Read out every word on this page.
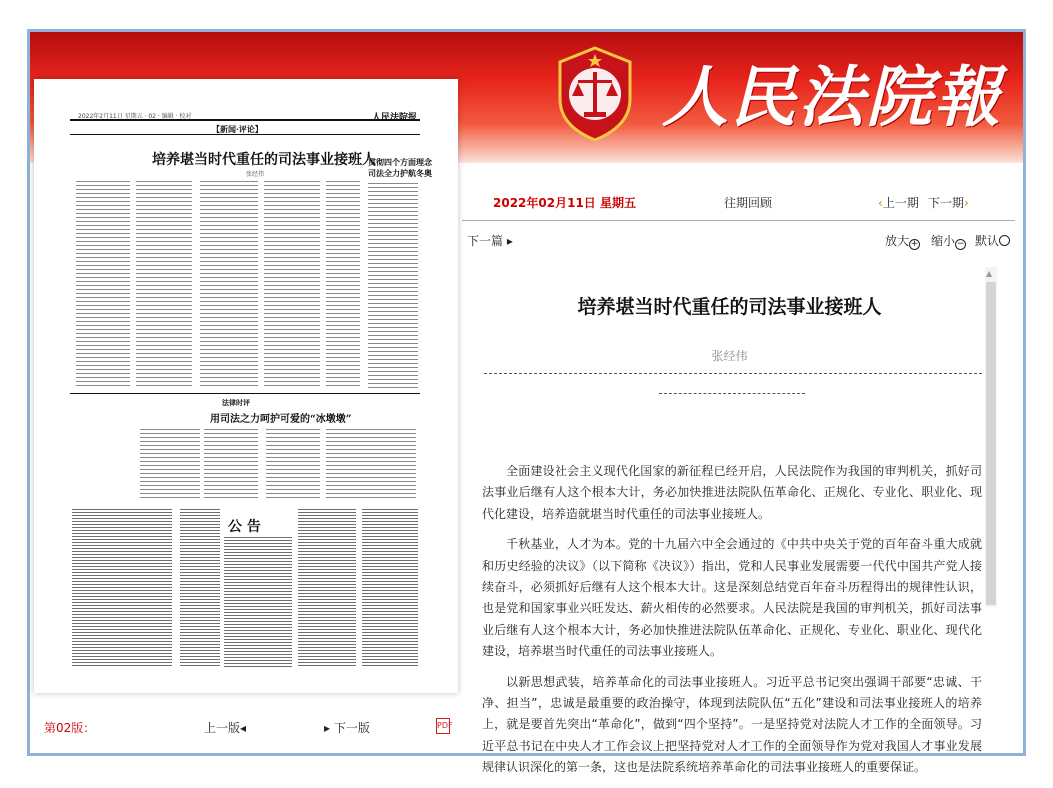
人民法院報
2022年2月11日 星期五 · 02 · 编辑 · 校对
【新闻·评论】
人民法院报
培养堪当时代重任的司法事业接班人
张经伟
贯彻四个方面理念
司法全力护航冬奥
法律时评
用司法之力呵护可爱的“冰墩墩”
公 告
第02版：	上一版◂	▸ 下一版	PDF
2022年02月11日 星期五	往期回顾	‹上一期 下一期›
下一篇 ▸	放大 + 缩小 − 默认
培养堪当时代重任的司法事业接班人
张经伟

全面建设社会主义现代化国家的新征程已经开启，人民法院作为我国的审判机关，抓好司法事业后继有人这个根本大计，务必加快推进法院队伍革命化、正规化、专业化、职业化、现代化建设，培养造就堪当时代重任的司法事业接班人。

千秋基业，人才为本。党的十九届六中全会通过的《中共中央关于党的百年奋斗重大成就和历史经验的决议》（以下简称《决议》）指出，党和人民事业发展需要一代代中国共产党人接续奋斗，必须抓好后继有人这个根本大计。这是深刻总结党百年奋斗历程得出的规律性认识，也是党和国家事业兴旺发达、薪火相传的必然要求。人民法院是我国的审判机关，抓好司法事业后继有人这个根本大计，务必加快推进法院队伍革命化、正规化、专业化、职业化、现代化建设，培养堪当时代重任的司法事业接班人。

以新思想武装，培养革命化的司法事业接班人。习近平总书记突出强调干部要“忠诚、干净、担当”，忠诚是最重要的政治操守，体现到法院队伍“五化”建设和司法事业接班人的培养上，就是要首先突出“革命化”，做到“四个坚持”。一是坚持党对法院人才工作的全面领导。习近平总书记在中央人才工作会议上把坚持党对人才工作的全面领导作为党对我国人才事业发展规律认识深化的第一条，这也是法院系统培养革命化的司法事业接班人的重要保证。

▲
